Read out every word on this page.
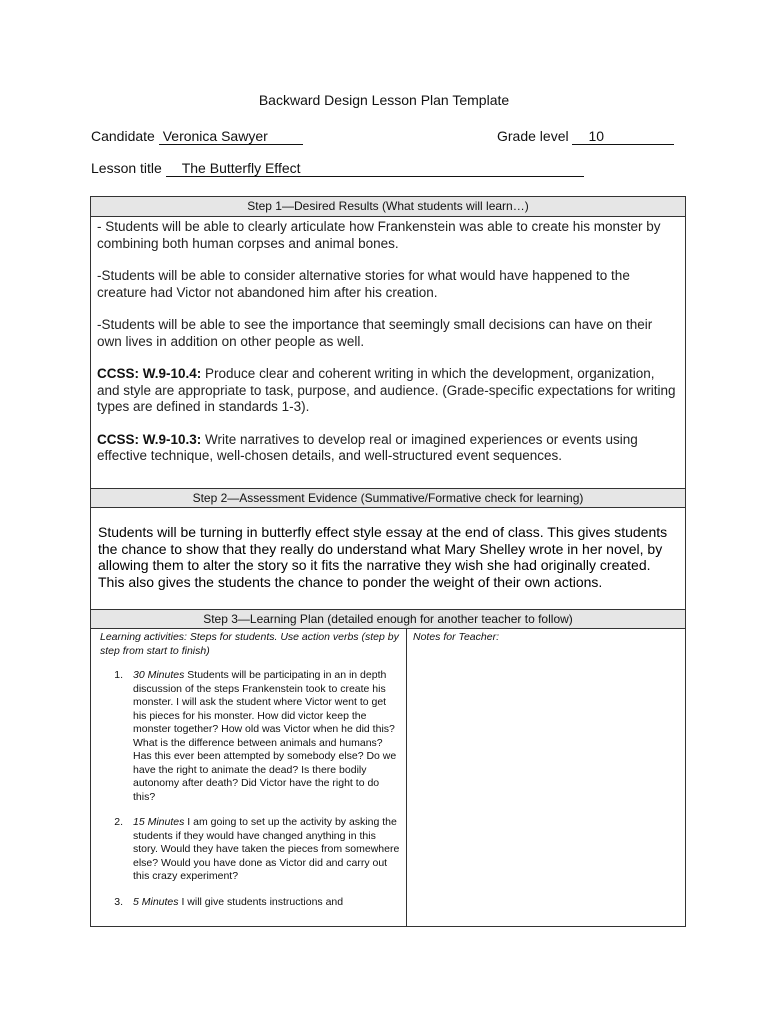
Backward Design Lesson Plan Template
Candidate Veronica Sawyer	Grade level 10
Lesson title The Butterfly Effect
Step 1—Desired Results (What students will learn…)

- Students will be able to clearly articulate how Frankenstein was able to create his monster by combining both human corpses and animal bones.

-Students will be able to consider alternative stories for what would have happened to the creature had Victor not abandoned him after his creation.

-Students will be able to see the importance that seemingly small decisions can have on their own lives in addition on other people as well.

CCSS: W.9-10.4: Produce clear and coherent writing in which the development, organization, and style are appropriate to task, purpose, and audience. (Grade-specific expectations for writing types are defined in standards 1-3).

CCSS: W.9-10.3: Write narratives to develop real or imagined experiences or events using effective technique, well-chosen details, and well-structured event sequences.

Step 2—Assessment Evidence (Summative/Formative check for learning)
Students will be turning in butterfly effect style essay at the end of class. This gives students the chance to show that they really do understand what Mary Shelley wrote in her novel, by allowing them to alter the story so it fits the narrative they wish she had originally created. This also gives the students the chance to ponder the weight of their own actions.
Step 3—Learning Plan (detailed enough for another teacher to follow)

Learning activities: Steps for students. Use action verbs (step by step from start to finish)

1. 30 Minutes Students will be participating in an in depth discussion of the steps Frankenstein took to create his monster. I will ask the student where Victor went to get his pieces for his monster. How did victor keep the monster together? How old was Victor when he did this? What is the difference between animals and humans? Has this ever been attempted by somebody else? Do we have the right to animate the dead? Is there bodily autonomy after death? Did Victor have the right to do this?
2. 15 Minutes I am going to set up the activity by asking the students if they would have changed anything in this story. Would they have taken the pieces from somewhere else? Would you have done as Victor did and carry out this crazy experiment?
3. 5 Minutes I will give students instructions and
Notes for Teacher:
